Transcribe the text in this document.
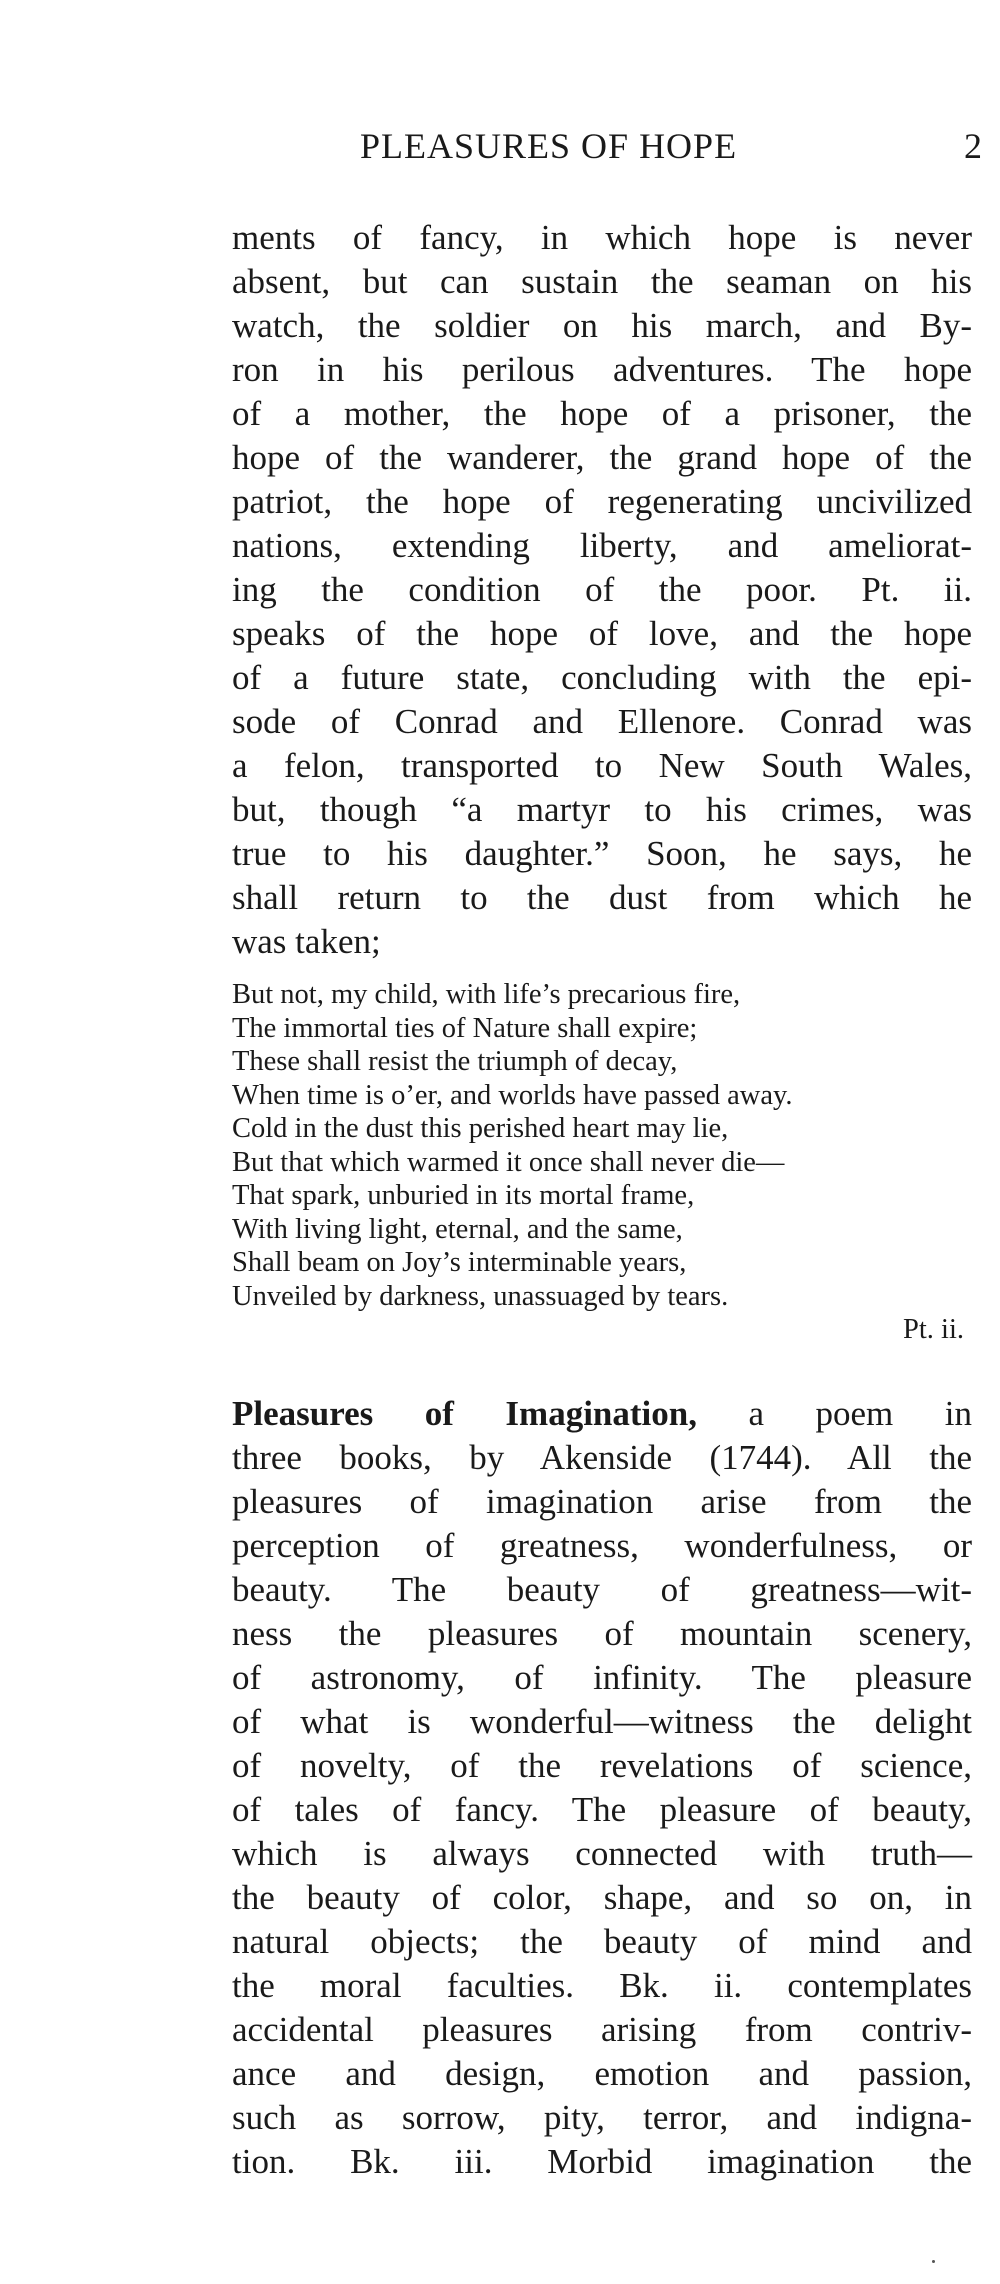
PLEASURES OF HOPE	2
ments of fancy, in which hope is never
absent, but can sustain the seaman on his
watch, the soldier on his march, and By-
ron in his perilous adventures. The hope
of a mother, the hope of a prisoner, the
hope of the wanderer, the grand hope of the
patriot, the hope of regenerating uncivilized
nations, extending liberty, and ameliorat-
ing the condition of the poor. Pt. ii.
speaks of the hope of love, and the hope
of a future state, concluding with the epi-
sode of Conrad and Ellenore. Conrad was
a felon, transported to New South Wales,
but, though “a martyr to his crimes, was
true to his daughter.” Soon, he says, he
shall return to the dust from which he
was taken;
But not, my child, with life’s precarious fire,
The immortal ties of Nature shall expire;
These shall resist the triumph of decay,
When time is o’er, and worlds have passed away.
Cold in the dust this perished heart may lie,
But that which warmed it once shall never die—
That spark, unburied in its mortal frame,
With living light, eternal, and the same,
Shall beam on Joy’s interminable years,
Unveiled by darkness, unassuaged by tears.
Pt. ii.
Pleasures of Imagination, a poem in
three books, by Akenside (1744). All the
pleasures of imagination arise from the
perception of greatness, wonderfulness, or
beauty. The beauty of greatness—wit-
ness the pleasures of mountain scenery,
of astronomy, of infinity. The pleasure
of what is wonderful—witness the delight
of novelty, of the revelations of science,
of tales of fancy. The pleasure of beauty,
which is always connected with truth—
the beauty of color, shape, and so on, in
natural objects; the beauty of mind and
the moral faculties. Bk. ii. contemplates
accidental pleasures arising from contriv-
ance and design, emotion and passion,
such as sorrow, pity, terror, and indigna-
tion. Bk. iii. Morbid imagination the
